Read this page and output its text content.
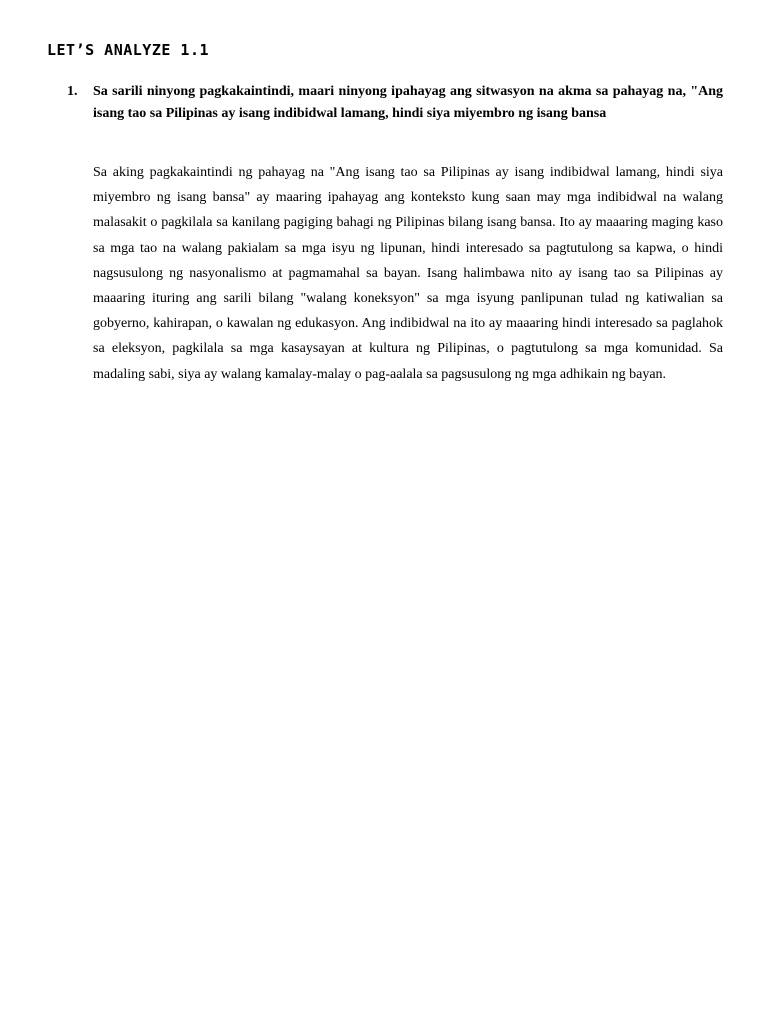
LET’S ANALYZE 1.1
1. Sa sarili ninyong pagkakaintindi, maari ninyong ipahayag ang sitwasyon na akma sa pahayag na, "Ang isang tao sa Pilipinas ay isang indibidwal lamang, hindi siya miyembro ng isang bansa

Sa aking pagkakaintindi ng pahayag na "Ang isang tao sa Pilipinas ay isang indibidwal lamang, hindi siya miyembro ng isang bansa" ay maaring ipahayag ang konteksto kung saan may mga indibidwal na walang malasakit o pagkilala sa kanilang pagiging bahagi ng Pilipinas bilang isang bansa. Ito ay maaaring maging kaso sa mga tao na walang pakialam sa mga isyu ng lipunan, hindi interesado sa pagtutulong sa kapwa, o hindi nagsusulong ng nasyonalismo at pagmamahal sa bayan. Isang halimbawa nito ay isang tao sa Pilipinas ay maaaring ituring ang sarili bilang "walang koneksyon" sa mga isyung panlipunan tulad ng katiwalian sa gobyerno, kahirapan, o kawalan ng edukasyon. Ang indibidwal na ito ay maaaring hindi interesado sa paglahok sa eleksyon, pagkilala sa mga kasaysayan at kultura ng Pilipinas, o pagtutulong sa mga komunidad. Sa madaling sabi, siya ay walang kamalay-malay o pag-aalala sa pagsusulong ng mga adhikain ng bayan.
